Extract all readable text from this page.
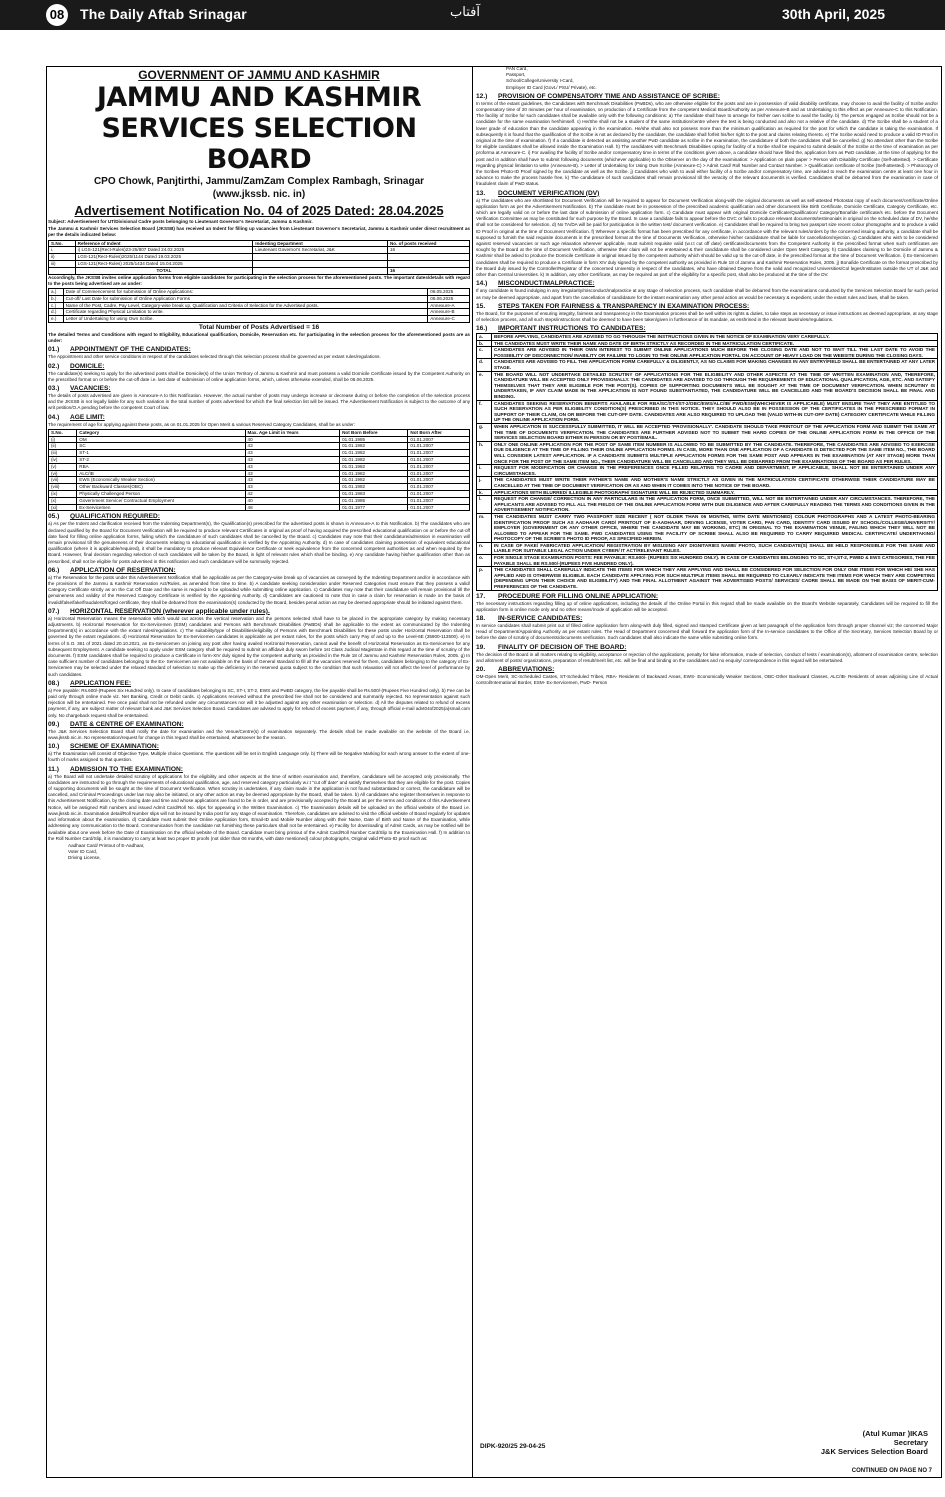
08 The Daily Aftab Srinagar	آفتاب	30th April, 2025
GOVERNMENT OF JAMMU AND KASHMIR
JAMMU AND KASHMIR
SERVICES SELECTION BOARD
CPO Chowk, Panjtirthi, Jammu/ZamZam Complex Rambagh, Srinagar
(www.jkssb. nic. in)
Advertisement Notification No. 04 of 2025 Dated: 28.04.2025

Subject: Advertisement for UT/Divisional Cadre posts belonging to Lieutenant Governor's Secretariat, Jammu & Kashmir.

The Jammu & Kashmir Services Selection Board (JKSSB) has received an Indent for filling up vacancies from Lieutenant Governor's Secretariat, Jammu & Kashmir under direct recruitment as per the details indicated below:

S.No.	Reference of Indent	Indenting Department	No. of posts received
i.	i) LGS-121(Rect-Rules)23-25/807 Dated 24.02.2025	Lieutenant Governor's Secretariat, J&K	16
ii)	LGS-121(Rect-Rules)2025/1144 Dated 19.03.2025		
iii)	LGS-121(Rect-Rules) 2025/1434 Dated 15.04.2025		
	TOTAL		16

Accordingly, the JKSSB invites online application forms from eligible candidates for participating in the selection process for the aforementioned posts. The important dates/details with regard to the posts being advertised are as under:

a.)	Date of Commencement for submission of Online Applications:	08.05.2025
b.)	Cut-off/ Last Date for submission of Online Application Forms	06.06.2025
c.)	Name of the Post, Cadre, Pay Level, Category-wise break up, Qualification and Criteria of Selection for the Advertised posts.	Annexure-A
d.)	Certificate regarding Physical Limitation to write.	Annexure-B
e.)	Letter of Undertaking for using Own Scribe.	Annexure-C
Total Number of Posts Advertised = 16

The detailed Terms and Conditions with regard to Eligibility, Educational qualification, Domicile, Reservation etc. for participating in the selection process for the aforementioned posts are as under:

01.) APPOINTMENT OF THE CANDIDATES:

The Appointment and other service conditions in respect of the candidates selected through this selection process shall be governed as per extant rules/regulations.

02.) DOMICILE:

The candidate(s) seeking to apply for the advertised posts shall be Domicile(s) of the Union Territory of Jammu & Kashmir and must possess a valid Domicile Certificate issued by the Competent Authority on the prescribed format on or before the cut-off date i.e. last date of submission of online application forms, which, unless otherwise extended, shall be 06.06.2025.

03.) VACANCIES:

The details of posts advertised are given in Annexure-A to this Notification. However, the actual number of posts may undergo increase or decrease during or before the completion of the selection process and the JKSSB is not legally liable for any such variation in the total number of posts advertised for which the final selection list will be issued. The Advertisement Notification is subject to the outcome of any writ petition/O.A pending before the competent Court of law.

04.) AGE LIMIT:

The requirement of age for applying against these posts, as on 01.01.2025 for Open Merit & various Reserved Category Candidates, shall be as under:

S.No.	Category	Max. Age Limit in Years	Not Born Before	Not Born After
(i)	OM	40	01.01.1985	01.01.2007
(ii)	SC	43	01.01.1982	01.01.2007
(iii)	ST-1	43	01.01.1982	01.01.2007
(iv)	ST-2	43	01.01.1982	01.01.2007
(v)	RBA	43	01.01.1982	01.01.2007
(vi)	ALC/IB	43	01.01.1982	01.01.2007
(vii)	EWS (Economically Weaker Section)	43	01.01.1982	01.01.2007
(viii)	Other Backward Classes(OBC)	43	01.01.1982	01.01.2007
(ix)	Physically Challenged Person	42	01.01.1983	01.01.2007
(x)	Government Service/ Contractual Employment	40	01.01.1985	01.01.2007
(xi)	Ex-Servicemen	48	01.01.1977	01.01.2007
05.) QUALIFICATION REQUIRED:

a) As per the Indent and clarification received from the Indenting Department(s), the Qualification(s) prescribed for the advertised posts is shown in Annexure-A to this Notification. b) The candidates who are declared qualified by the Board for Document Verification will be required to produce relevant Certificates in original as proof of having acquired the prescribed educational qualification on or before the cut-off date fixed for filling online application forms, failing which the candidature of such candidates shall be cancelled by the Board. c) Candidates may note that their candidature/admission in examination will remain provisional till the genuineness of their documents relating to educational qualification is verified by the Appointing Authority. d) In case of candidates claiming possession of equivalent educational qualification (where it is applicable/required), it shall be mandatory to produce relevant Equivalence Certificate or seek equivalence from the concerned competent authorities as and when required by the Board. However, final decision regarding selection of such candidates will be taken by the Board, in light of relevant rules which shall be binding. e) Any candidate having his/her qualification other than as prescribed, shall not be eligible for posts advertised in this notification and such candidature will be summarily rejected.

06.) APPLICATION OF RESERVATION:

a) The Reservation for the posts under this Advertisement Notification shall be applicable as per the Category-wise break up of vacancies as conveyed by the Indenting Department and/or in accordance with the provisions of the Jammu & Kashmir Reservation Act/Rules, as amended from time to time. b) A candidate seeking consideration under Reserved Categories must ensure that they possess a valid/ Category Certificate strictly as on the Cut Off Date and the same is required to be uploaded while submitting online application. c) Candidates may note that their candidature will remain provisional till the genuineness and validity of the Reserved Category Certificate is verified by the Appointing Authority. d) Candidates are cautioned to note that in case a claim for reservation is made on the basis of invalid/false/fake/fraudulent/forged certificate, they shall be debarred from the examination(s) conducted by the Board, besides penal action as may be deemed appropriate should be initiated against them.

07.) HORIZONTAL RESERVATION (wherever applicable under rules).

a) Horizontal Reservation means the reservation which would cut across the vertical reservation and the persons selected shall have to be placed in the appropriate category by making necessary adjustments. b) Horizontal Reservation for Ex-Servicemen (ESM) candidates and Persons with Benchmark Disabilities (PwBDs) shall be applicable to the extent as communicated by the Indenting Department(s) in accordance with the extant rules/regulations. c) The suitability/type of Disabilities/eligibility of Persons with Benchmark Disabilities for these posts under Horizontal Reservation shall be governed by the extant regulations. d) Horizontal Reservation for Ex-Servicemen candidates is applicable as per extant rules, for the posts which carry Pay of and up to the Level-6E (35900-113500). e) In terms of S.O. 361 of 2021 dated 20.10.2021, an Ex-Servicemen on joining any post after having availed Horizontal Reservation, cannot avail the benefit of Horizontal Reservation as Ex-Servicemen for any subsequent Employment. A candidate seeking to apply under ESM category shall be required to submit an affidavit duly sworn before 1st Class Judicial Magistrate in this regard at the time of scrutiny of the documents. f) ESM candidates shall be required to produce a Certificate in form-XIV duly signed by the competent authority as provided in the Rule 18 of Jammu and Kashmir Reservation Rules, 2005. g) In case sufficient number of candidates belonging to the Ex- Servicemen are not available on the basis of General standard to fill all the vacancies reserved for them, candidates belonging to the category of Ex- Servicemen may be selected under the relaxed standard of selection to make up the deficiency in the reserved quota subject to the condition that such relaxation will not affect the level of performance by such candidates.

08.) APPLICATION FEE:

a) Fee payable: Rs.600/-(Rupees Six Hundred only). In case of candidates belonging to SC, ST-I, ST-2, EWS and PwBD category, the fee payable shall be Rs.500/-(Rupees Five Hundred only). b) Fee can be paid only through online mode viz. Net Banking, Credit or Debit cards. c) Applications received without the prescribed fee shall not be considered and summarily rejected. No representation against such rejection will be entertained. Fee once paid shall not be refunded under any circumstances nor will it be adjusted against any other examination or selection. d) All the disputes related to refund of excess payment, if any, are subject matter of relevant bank and J&K Services Selection Board. Candidates are advised to apply for refund of excess payment, if any, through official e-mail advt04of2025(a)smail.com only. No chargeback request shall be entertained.

09.) DATE & CENTRE OF EXAMINATION:

The J&K Services Selection Board shall notify the date for examination and the Venue/Centre(s) of examination separately. The details shall be made available on the website of the Board i.e. www.jkssb.nic.in. No representation/request for change in this regard shall be entertained, whatsoever be the reason.

10.) SCHEME OF EXAMINATION:

a) The Examination will consist of Objective Type, Multiple choice Questions. The questions will be set in English Language only. b) There will be Negative Marking for each wrong answer to the extent of one-fourth of marks assigned to that question.

11.) ADMISSION TO THE EXAMINATION:

a) The Board will not undertake detailed scrutiny of applications for the eligibility and other aspects at the time of written examination and, therefore, candidature will be accepted only provisionally. The candidates are instructed to go through the requirements of educational qualification, age, and reserved category particularly w.r.t "cut off date" and satisfy themselves that they are eligible for the post. Copies of supporting documents will be sought at the time of Document Verification. When scrutiny is undertaken, if any claim made in the application is not found substantiated or correct, the candidature will be cancelled, and Criminal Proceedings under law may also be initiated, or any other action as may be deemed appropriate by the Board, shall be taken. b) All candidates who register themselves in response to this Advertisement Notification, by the closing date and time and whose applications are found to be in order, and are provisionally accepted by the Board as per the terms and conditions of this Advertisement Notice, will be assigned Roll numbers and issued Admit Card/Roll No. slips for appearing in the Written Examination. c) The Examination details will be uploaded on the official website of the Board i.e. www.jkssb.nic.in. Examination detail/Roll Number slips will not be issued by India post for any stage of examination. Therefore, candidates are advised to visit the official website of Board regularly for updates and information about the examination. d) Candidate must submit their Online Application form, Email-ID and Mobile Number along with their Name, Date of Birth and Name of the Examination, while addressing any communication to the Board. Communication from the candidate not furnishing these particulars shall not be entertained. e) Facility for downloading of Admit Cards, as may be notified will be available about one week before the Date of Examination on the official website of the Board. Candidate must bring printout of the Admit Card/Roll Number Card/Slip to the Examination Hall. f) In addition to the Roll Number Card/Slip, it is mandatory to carry at least two proper ID proofs (not older than 06 months, with date mentioned) colour photographs, Original valid Photo-ID proof such as:

Aadhaar Card/ Printout of E-Aadhaar,
Voter ID Card,
Driving License,
PAN Card,
Passport,
School/College/University I-Card,
Employer ID Card (Govt./ PSU/ Private), etc.
12.) PROVISION OF COMPENSATORY TIME AND ASSISTANCE OF SCRIBE:

In terms of the extant guidelines, the Candidates with Benchmark Disabilities (PwBDs), who are otherwise eligible for the posts and are in possession of valid disability certificate, may choose to avail the facility of Scribe and/or compensatory time of 20 minutes per hour of examination, on production of a Certificate from the competent Medical Board/Authority as per Annexure-B and an Undertaking to this effect as per Annexure-C to this Notification. The facility of Scribe for such candidates shall be available only with the following conditions: a) The candidate shall have to arrange for his/her own scribe to avail the facility. b) The person engaged as Scribe should not be a candidate for the same examination her/himself. c) He/She shall not be a student of the same institution/centre where the test is being conducted and also not a relative of the candidate. d) The Scribe shall be a student of a lower grade of education than the candidate appearing in the examination. He/she shall also not possess more than the minimum qualification as required for the post for which the candidate is taking the examination. If subsequently it is found that the qualification of the Scribe is not as declared by the candidate, the candidate shall forfeit his/her right to the post and claims relating thereto. e) The Scribe would need to produce a valid ID Proof in original at the time of examination. f) If a candidate is detected as assisting another PwD candidate as scribe in the examination, the candidature of both the candidates shall be cancelled. g) No attendant other than the Scribe for eligible candidates shall be allowed inside the Examination Hall. h) The candidates with Benchmark Disabilities opting for facility of a Scribe shall be required to submit details of the Scribe at the time of examination as per proforma at Annexure-C. i) For availing the facility of Scribe and/or compensatory time in terms of the conditions given above, a candidate should have filled the, application form as PwD candidate, at the time of applying for the post and in addition shall have to submit following documents (whichever applicable) to the Observer on the day of the examination: > Application on plain paper > Person with Disability Certificate (Self-attested). > Certificate regarding physical limitation to write (Annexure-B). > Letter of Undertaking for Using Own Scribe (Annexure-C) > Admit Card/ Roll Number and Contact Number. > Qualification certificate of Scribe (Self-attested). > Photocopy of the Scribes Photo-ID Proof signed by the candidate as well as the Scribe. j) Candidates who wish to avail either facility of a Scribe and/or compensatory time, are advised to reach the examination centre at least one hour in advance to make the process hassle free, k) The candidature of such candidates shall remain provisional till the veracity of the relevant document/s is verified. Candidates shall be debarred from the examination in case of fraudulent claim of PwD status.

13. DOCUMENT VERIFICATION (DV)

a) The candidates who are shortlisted for Document Verification will be required to appear for Document Verification along-with the original documents as well as self-attested Photostat copy of each document/certificate/Online application form as per the Advertisement Notification. b) The candidate must be in possession of the prescribed academic qualification and other documents like Birth Certificate, Domicile Certificate, Category Certificate, etc. which are legally valid on or before the last date of submission of online application form. c) Candidate must appear with original Domicile Certificate/Qualification/ Category/Bonafide certificate/s etc. before the Document Verification Committee as may be constituted for such purpose by the Board. In case a candidate fails to appear before the DVC or fails to produce relevant documents/testimonials in original on the scheduled date of DV, he/she shall not be considered for selection. d) No TA/DA will be paid for participation in the written test/ document verification. e) Candidates shall be required to bring two passport size recent colour photographs and to produce a valid ID Proof in original at the time of Document Verification. f) Wherever a specific format has been prescribed for any certificate, in accordance with the relevant rules/orders by the concerned issuing authority, a candidate shall be supposed to furnish the said requisite documents in the prescribed format at the time of Documents Verification, otherwise his/her candidature shall be liable for cancellation/rejection. g) Candidates who wish to be considered against reserved vacancies or such age relaxation wherever applicable, must submit requisite valid (w.r.t cut off date) certificate/documents from the Competent Authority in the prescribed format when such certificates are sought by the Board at the time of Document Verification, otherwise their claim will not be entertained & their candidature shall be considered under Open Merit Category. h) Candidates claiming to be Domicile of Jammu & Kashmir shall be asked to produce the Domicile Certificate in original issued by the competent authority which should be valid up to the cut-off date, in the prescribed format at the time of Document Verification. i) Ex-Servicemen candidates shall be required to produce a Certificate in form XIV duly signed by the competent authority as provided in Rule 18 of Jammu and Kashmir Reservation Rules, 2005. j) Bonafide Certificate on the format prescribed by the Board duly issued by the Controller/Registrar of the concerned University in respect of the candidates, who have obtained Degree from the valid and recognized Universities/Col leges/Institutes outside the UT of J&K and other than Central Universities. k) In addition, any other Certificate, as may be required as part of the eligibility for a specific post, shall also be produced at the time of the DV.

14.) MISCONDUCT/MALPRACTICE:

If any candidate is found indulging in any irregularity/misconduct/malpractice at any stage of selection process, such candidate shall be debarred from the examinations conducted by the Services Selection Board for such period as may be deemed appropriate, and apart from the cancellation of candidature for the instant examination any other penal action as would be necessary & expedient, under the extant rules and laws, shall be taken.

15. STEPS TAKEN FOR FAIRNESS & TRANSPARENCY IN EXAMINATION PROCESS:

The Board, for the purposes of ensuring integrity, fairness and transparency in the Examination process shall be well within its rights & duties, to take steps as necessary or issue instructions as deemed appropriate, at any stage of selection process, and all such steps/instructions shall be deemed to have been taken/given in furtherance of its mandate, as enshrined in the relevant laws/rules/regulations.

16.) IMPORTANT INSTRUCTIONS TO CANDIDATES:
a.	BEFORE APPLYING, CANDIDATES ARE ADVISED TO GO THROUGH THE INSTRUCTIONS GIVEN IN THE NOTICE OF EXAMINATION VERY CAREFULLY.
b.	THE CANDIDATES MUST WRITE THEIR NAME AND DATE OF BIRTH STRICTLY AS RECORDED IN THE MATRICULATION CERTIFICATE.
c.	CANDIDATES ARE ADVISED IN THEIR OWN INTEREST TO SUBMIT ONLINE APPLICATIONS MUCH BEFORE THE CLOSING DATE AND NOT TO WAIT TILL THE LAST DATE TO AVOID THE POSSIBILITY OF DISCONNECTION/ INABILITY OR FAILURE TO LOGIN TO THE ONLINE APPLICATION PORTAL ON ACCOUNT OF HEAVY LOAD ON THE WEBSITE DURING THE CLOSING DAYS.
d.	CANDIDATES ARE ADVISED TO FILL THE APPLICATION FORM CAREFULLY & DILIGENTLY, AS NO CLAIMS FOR MAKING CHANGES IN ANY ENTRY/FIELD SHALL BE ENTERTAINED AT ANY LATER STAGE.
e.	THE BOARD WILL NOT UNDERTAKE DETAILED SCRUTINY OF APPLICATIONS FOR THE ELIGIBILITY AND OTHER ASPECTS AT THE TIME OF WRITTEN EXAMINATION AND, THEREFORE, CANDIDATURE WILL BE ACCEPTED ONLY PROVISIONALLY. THE CANDIDATES ARE ADVISED TO GO THROUGH THE REQUIREMENTS OF EDUCATIONAL QUALIFICATION, AGE, ETC. AND SATISFY THEMSELVES THAT THEY ARE ELIGIBLE FOR THE POST(S). COPIES OF SUPPORTING DOCUMENTS WILL BE SOUGHT AT THE TIME OF DOCUMENT VERIFICATION. WHEN SCRUTINY IS UNDERTAKEN, IF ANY CLAIM MADE IN THE APPLICATION IS NOT FOUND SUBSTANTIATED, THE CANDIDATURE WILL BE CANCELLED AND THE BOARD'S DECISION SHALL BE FINAL AND BINDING.
f.	CANDIDATES SEEKING RESERVATION BENEFITS AVAILABLE FOR RBA/SC/ST-I/ST-2/OBC/EWS/ALC/IB/ PWD/ESM(WHICHEVER IS APPLICABLE) MUST ENSURE THAT THEY ARE ENTITLED TO SUCH RESERVATION AS PER ELIGIBILITY CONDITION(S) PRESCRIBED IN THIS NOTICE. THEY SHOULD ALSO BE IN POSSESSION OF THE CERTIFICATES IN THE PRESCRIBED FORMAT IN SUPPORT OF THEIR CLAIM, ON OR BEFORE THE CUT-OFF DATE. CANDIDATES ARE ALSO REQUIRED TO UPLOAD THE (VALID WITH-IN CUT-OFF DATE) CATEGORY CERTIFICATE WHILE FILLING UP THE ONLINE APPLICATION FORM.
g.	WHEN APPLICATION IS SUCCESSFULLY SUBMITTED, IT WILL BE ACCEPTED 'PROVISIONALLY'. CANDIDATE SHOULD TAKE PRINTOUT OF THE APPLICATION FORM AND SUBMIT THE SAME AT THE TIME OF DOCUMENTS VERIFICATION. THE CANDIDATES ARE FURTHER ADVISED NOT TO SUBMIT THE HARD COPIES OF THE ONLINE APPLICATION FORM IN THE OFFICE OF THE SERVICES SELECTION BOARD EITHER IN PERSON OR BY POST/EMAIL.
h.	ONLY ONE ONLINE APPLICATION FOR THE POST OF SAME ITEM NUMBER IS ALLOWED TO BE SUBMITTED BY THE CANDIDATE. THEREFORE, THE CANDIDATES ARE ADVISED TO EXERCISE DUE DILIGENCE AT THE TIME OF FILLING THEIR ONLINE APPLICATION FORMS. IN CASE, MORE THAN ONE APPLICATION OF A CANDIDATE IS DETECTED FOR THE SAME ITEM NO., THE BOARD WILL CONSIDER LATEST APPLICATION. IF A CANDIDATE SUBMITS MULTIPLE APPLICATION FORMS FOR THE SAME POST AND APPEARS IN THE EXAMINATION (AT ANY STAGE) MORE THAN ONCE FOR THE POST OF THE SAME ITEM NO., THEIR CANDIDATURE WILL BE CANCELLED AND THEY WILL BE DEBARRED FROM THE EXAMINATIONS OF THE BOARD AS PER RULES.
i.	REQUEST FOR MODIFICATION OR CHANGE IN THE PREFERENCES ONCE FILLED RELATING TO CADRE AND DEPARTMENT, IF APPLICABLE, SHALL NOT BE ENTERTAINED UNDER ANY CIRCUMSTANCES.
j.	THE CANDIDATES MUST WRITE THEIR FATHER'S NAME AND MOTHER'S NAME STRICTLY AS GIVEN IN THE MATRICULATION CERTIFICATE OTHERWISE THEIR CANDIDATURE MAY BE CANCELLED AT THE TIME OF DOCUMENT VERIFICATION OR AS AND WHEN IT COMES INTO THE NOTICE OF THE BOARD.
k.	APPLICATIONS WITH BLURRED/ ILLEGIBLE PHOTOGRAPH/ SIGNATURE WILL BE REJECTED SUMMARILY.
l.	REQUEST FOR CHANGE/ CORRECTION IN ANY PARTICULARS IN THE APPLICATION FORM, ONCE SUBMITTED, WILL NOT BE ENTERTAINED UNDER ANY CIRCUMSTANCES. THEREFORE, THE APPLICANTS ARE ADVISED TO FILL ALL THE FIELDS OF THE ONLINE APPLICATION FORM WITH DUE DILIGENCE AND AFTER CAREFULLY READING THE TERMS AND CONDITIONS GIVEN IN THE ADVERTISEMENT NOTIFICATION.
m.	THE CANDIDATES MUST CARRY TWO PASSPORT SIZE RECENT ( NOT OLDER THAN 06 MONTHS, WITH DATE MENTIONED) COLOUR PHOTOGRAPHS AND A LATEST PHOTO-BEARING IDENTIFICATION PROOF SUCH AS AADHAAR CARD/ PRINTOUT OF E-AADHAAR, DRIVING LICENSE, VOTER CARD, PAN CARD, IDENTITY CARD ISSUED BY SCHOOL/COLLEGE/UNIVERSITY/ EMPLOYER (GOVERNMENT OR ANY OTHER OFFICE, WHERE THE CANDIDATE MAY BE WORKING, ETC) IN ORIGINAL TO THE EXAMINATION VENUE, FAILING WHICH THEY WILL NOT BE ALLOWED TO APPEAR FOR THE SAME. PWD CANDIDATES USING THE FACILITY OF SCRIBE SHALL ALSO BE REQUIRED TO CARRY REQUIRED MEDICAL CERTIFICATE/ UNDERTAKING/ PHOTOCOPY OF THE SCRIBE'S PHOTO ID PROOF, AS SPECIFIED HEREIN.
n.	IN CASE OF FAKE/ FABRICATED APPLICATION/ REGISTRATION BY MISUSING ANY DIGNITARIES NAME/ PHOTO, SUCH CANDIDATE(S) SHALL BE HELD RESPONSIBLE FOR THE SAME AND LIABLE FOR SUITABLE LEGAL ACTION UNDER CYBER/ IT ACT/RELEVANT RULES.
o.	FOR SINGLE STAGE EXAMINATION POSTS: FEE PAYABLE: RS.600/- (RUPEES SIX HUNDRED ONLY). IN CASE OF CANDIDATES BELONGING TO SC, ST-I,ST-2, PWBD & EWS CATEGORIES, THE FEE PAYABLE SHALL BE RS.500/-(RUPEES FIVE HUNDRED ONLY).
p.	THE CANDIDATES SHALL CAREFULLY INDICATE THE ITEMS FOR WHICH THEY ARE APPLYING AND SHALL BE CONSIDERED FOR SELECTION FOR ONLY ONE ITEMS FOR WHICH HE/ SHE HAS APPLIED AND IS OTHERWISE ELIGIBLE. EACH CANDIDATE APPLYING FOR SUCH MULTIPLE ITEMS SHALL BE REQUIRED TO CLEARLY INDICATE THE ITEMS FOR WHICH THEY ARE COMPETING (DEPENDING UPON THEIR CHOICE AND ELIGIBILITY) AND THE FINAL ALLOTMENT AGAINST THE ADVERTISED POSTS/ SERVICES/ CADRE SHALL BE MADE ON THE BASIS OF MERIT-CUM-PREFERENCES OF THE CANDIDATE.
17. PROCEDURE FOR FILLING ONLINE APPLICATION:

The necessary instructions regarding filling up of online applications, including the details of the Online Portal in this regard shall be made available on the Board's Website separately. Candidates will be required to fill the application form in online mode only and no other means/mode of application will be accepted.

18. IN-SERVICE CANDIDATES:

In service candidates shall submit print out of filled online application form along-with duly filled, signed and stamped Certificate given at last paragraph of the application form through proper channel viz; the concerned Major Head of Department/Appointing Authority as per extant rules. The Head of Department concerned shall forward the application form of the In-service candidates to the Office of the Secretary, Services Selection Board by or before the date of scrutiny of documents/documents verification. Such candidates shall also indicate the same while submitting online form.

19. FINALITY OF DECISION OF THE BOARD:

The decision of the Board in all matters relating to eligibility, acceptance or rejection of the applications, penalty for false information, mode of selection, conduct of tests / examination(s), allotment of examination centre, selection and allotment of posts/ organizations, preparation of result/merit list, etc. will be final and binding on the candidates and no enquiry/ correspondence in this regard will be entertained.

20. ABBREVIATIONS:

OM-Open Merit, SC-Scheduled Castes, ST-Scheduled Tribes, RBA- Residents of Backward Areas, EWS- Economically Weaker Sections, OBC-Other Backward Classes, ALC/IB- Residents of areas adjoining Line of Actual control/International Border, ESM- Ex-Servicemen, PwD- Person

DIPK-920/25 29-04-25
(Atul Kumar )IKAS
Secretary
J&K Services Selection Board
CONTINUED ON PAGE NO 7
